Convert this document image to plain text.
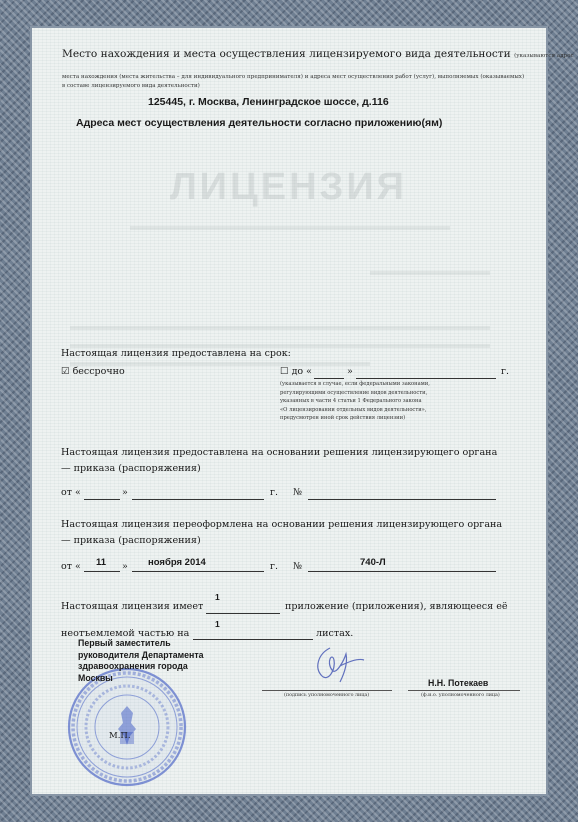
ЛИЦЕНЗИЯ
Место нахождения и места осуществления лицензируемого вида деятельности (указываются адрес
места нахождения (места жительства – для индивидуального предпринимателя) и адреса мест осуществления работ (услуг), выполняемых (оказываемых)
в составе лицензируемого вида деятельности)
125445, г. Москва, Ленинградское шоссе, д.116
Адреса мест осуществления деятельности согласно приложению(ям)
Настоящая лицензия предоставлена на срок:
☑ бессрочно	☐ до «	»	г.
(указывается в случае, если федеральными законами,
регулирующими осуществление видов деятельности,
указанных в части 4 статьи 1 Федерального закона
«О лицензировании отдельных видов деятельности»,
предусмотрен иной срок действия лицензии)
Настоящая лицензия предоставлена на основании решения лицензирующего органа
— приказа (распоряжения)
от «	»	г. №
Настоящая лицензия переоформлена на основании решения лицензирующего органа
— приказа (распоряжения)
от « 11 » ноября 2014	г. №	740-Л
1
Настоящая лицензия имеет	приложение (приложения), являющееся её
1
неотъемлемой частью на	листах.
М.П.
Первый заместитель
руководителя Департамента
здравоохранения города
Москвы
(подпись уполномоченного лица)
Н.Н. Потекаев
(ф.и.о. уполномоченного лица)
